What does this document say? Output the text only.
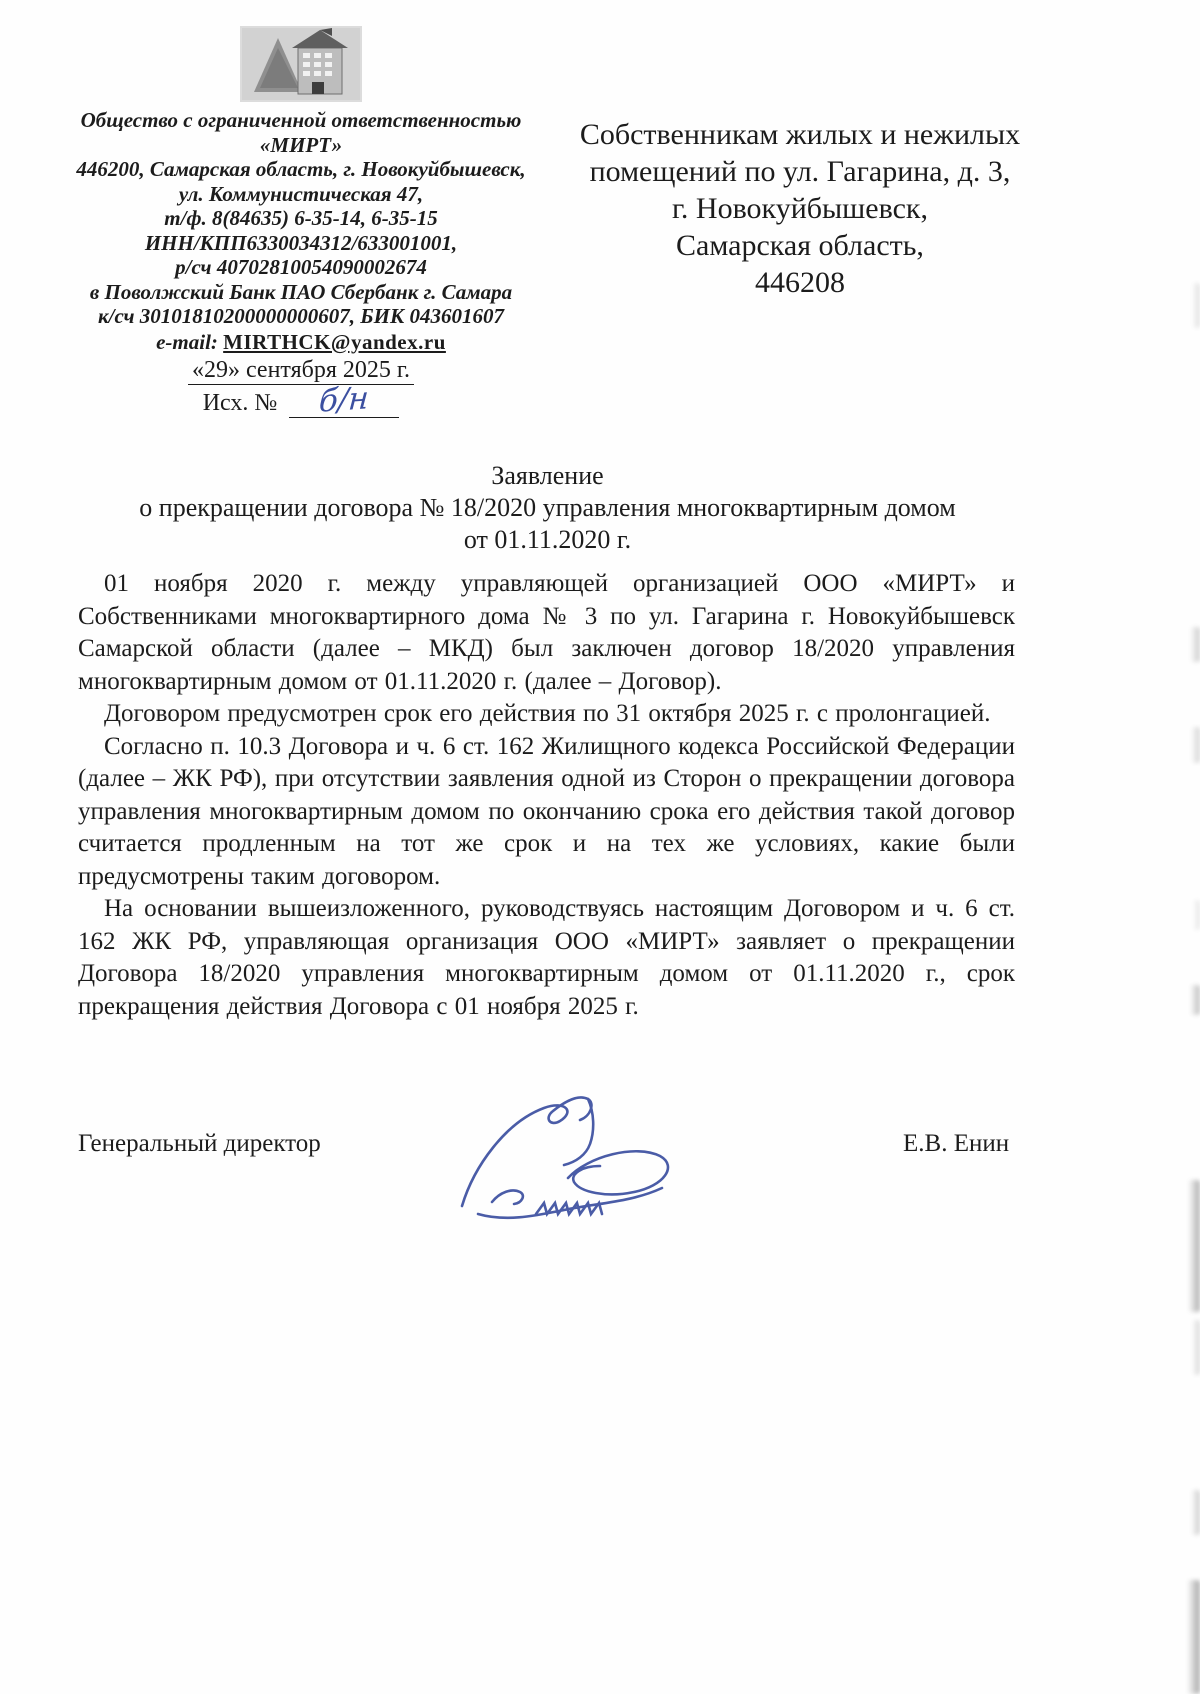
Общество с ограниченной ответственностью
«МИРТ»
446200, Самарская область, г. Новокуйбышевск,
ул. Коммунистическая 47,
т/ф. 8(84635) 6-35-14, 6-35-15
ИНН/КПП6330034312/633001001,
р/сч 40702810054090002674
в Поволжский Банк ПАО Сбербанк г. Самара
к/сч 30101810200000000607, БИК 043601607
e-mail: MIRTHCK@yandex.ru
«29» сентября 2025 г.
Исх. № б/н
Собственникам жилых и нежилых
помещений по ул. Гагарина, д. 3,
г. Новокуйбышевск,
Самарская область,
446208
Заявление
о прекращении договора № 18/2020 управления многоквартирным домом
от 01.11.2020 г.

01 ноября 2020 г. между управляющей организацией ООО «МИРТ» и Собственниками многоквартирного дома № 3 по ул. Гагарина г. Новокуйбышевск Самарской области (далее – МКД) был заключен договор 18/2020 управления многоквартирным домом от 01.11.2020 г. (далее – Договор).

Договором предусмотрен срок его действия по 31 октября 2025 г. с пролонгацией.

Согласно п. 10.3 Договора и ч. 6 ст. 162 Жилищного кодекса Российской Федерации (далее – ЖК РФ), при отсутствии заявления одной из Сторон о прекращении договора управления многоквартирным домом по окончанию срока его действия такой договор считается продленным на тот же срок и на тех же условиях, какие были предусмотрены таким договором.

На основании вышеизложенного, руководствуясь настоящим Договором и ч. 6 ст. 162 ЖК РФ, управляющая организация ООО «МИРТ» заявляет о прекращении Договора 18/2020 управления многоквартирным домом от 01.11.2020 г., срок прекращения действия Договора с 01 ноября 2025 г.

Генеральный директор	Е.В. Енин
